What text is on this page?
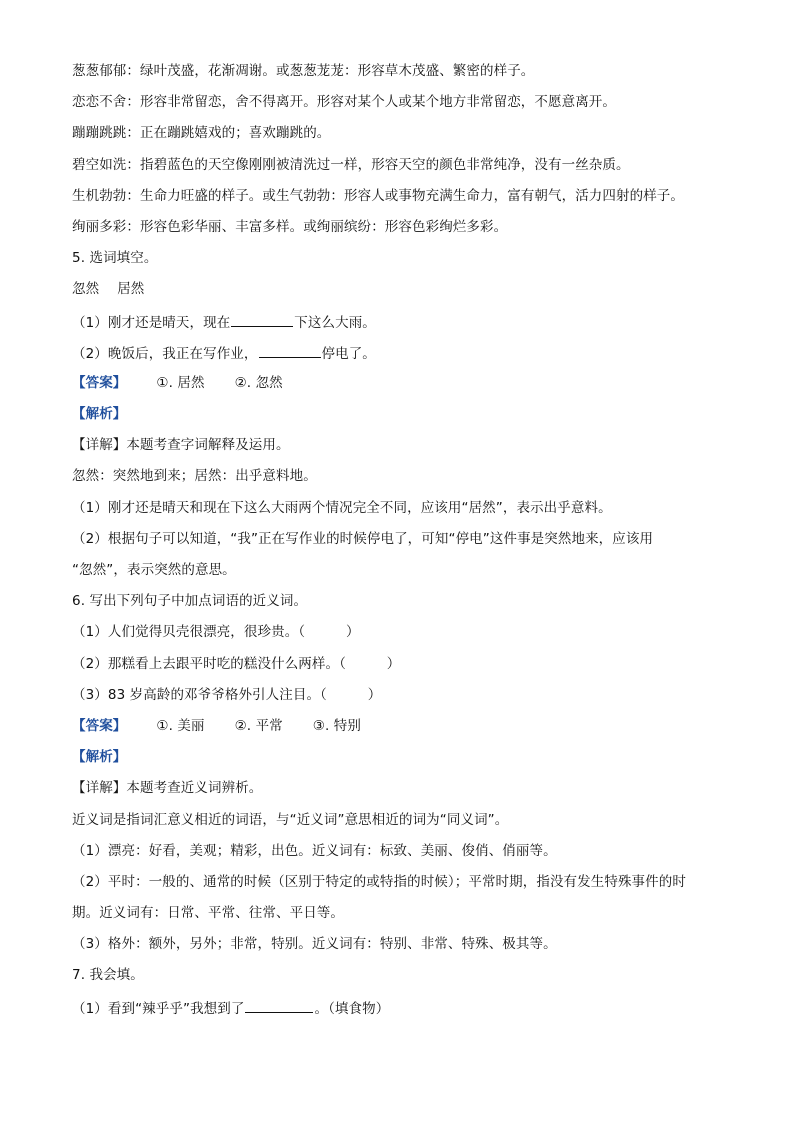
葱葱郁郁：绿叶茂盛，花渐凋谢。或葱葱茏茏：形容草木茂盛、繁密的样子。
恋恋不舍：形容非常留恋，舍不得离开。形容对某个人或某个地方非常留恋，不愿意离开。
蹦蹦跳跳：正在蹦跳嬉戏的；喜欢蹦跳的。
碧空如洗：指碧蓝色的天空像刚刚被清洗过一样，形容天空的颜色非常纯净，没有一丝杂质。
生机勃勃：生命力旺盛的样子。或生气勃勃：形容人或事物充满生命力，富有朝气，活力四射的样子。
绚丽多彩：形容色彩华丽、丰富多样。或绚丽缤纷：形容色彩绚烂多彩。
5. 选词填空。
忽然 居然
（1）刚才还是晴天，现在	下这么大雨。
（2）晚饭后，我正在写作业，	停电了。
【答案】 ①. 居然 ②. 忽然
【解析】
【详解】本题考查字词解释及运用。
忽然：突然地到来；居然：出乎意料地。
（1）刚才还是晴天和现在下这么大雨两个情况完全不同，应该用“居然”，表示出乎意料。
（2）根据句子可以知道，“我”正在写作业的时候停电了，可知“停电”这件事是突然地来，应该用
“忽然”，表示突然的意思。
6. 写出下列句子中加点词语的近义词。
（1）人们觉得贝壳很漂亮，很珍贵。（　　　）
（2）那糕看上去跟平时吃的糕没什么两样。（　　　）
（3）83 岁高龄的邓爷爷格外引人注目。（　　　）
【答案】 ①. 美丽 ②. 平常 ③. 特别
【解析】
【详解】本题考查近义词辨析。
近义词是指词汇意义相近的词语，与“近义词”意思相近的词为“同义词”。
（1）漂亮：好看，美观；精彩，出色。近义词有：标致、美丽、俊俏、俏丽等。
（2）平时：一般的、通常的时候（区别于特定的或特指的时候）；平常时期，指没有发生特殊事件的时
期。近义词有：日常、平常、往常、平日等。
（3）格外：额外，另外；非常，特别。近义词有：特别、非常、特殊、极其等。
7. 我会填。
（1）看到“辣乎乎”我想到了	。（填食物）
